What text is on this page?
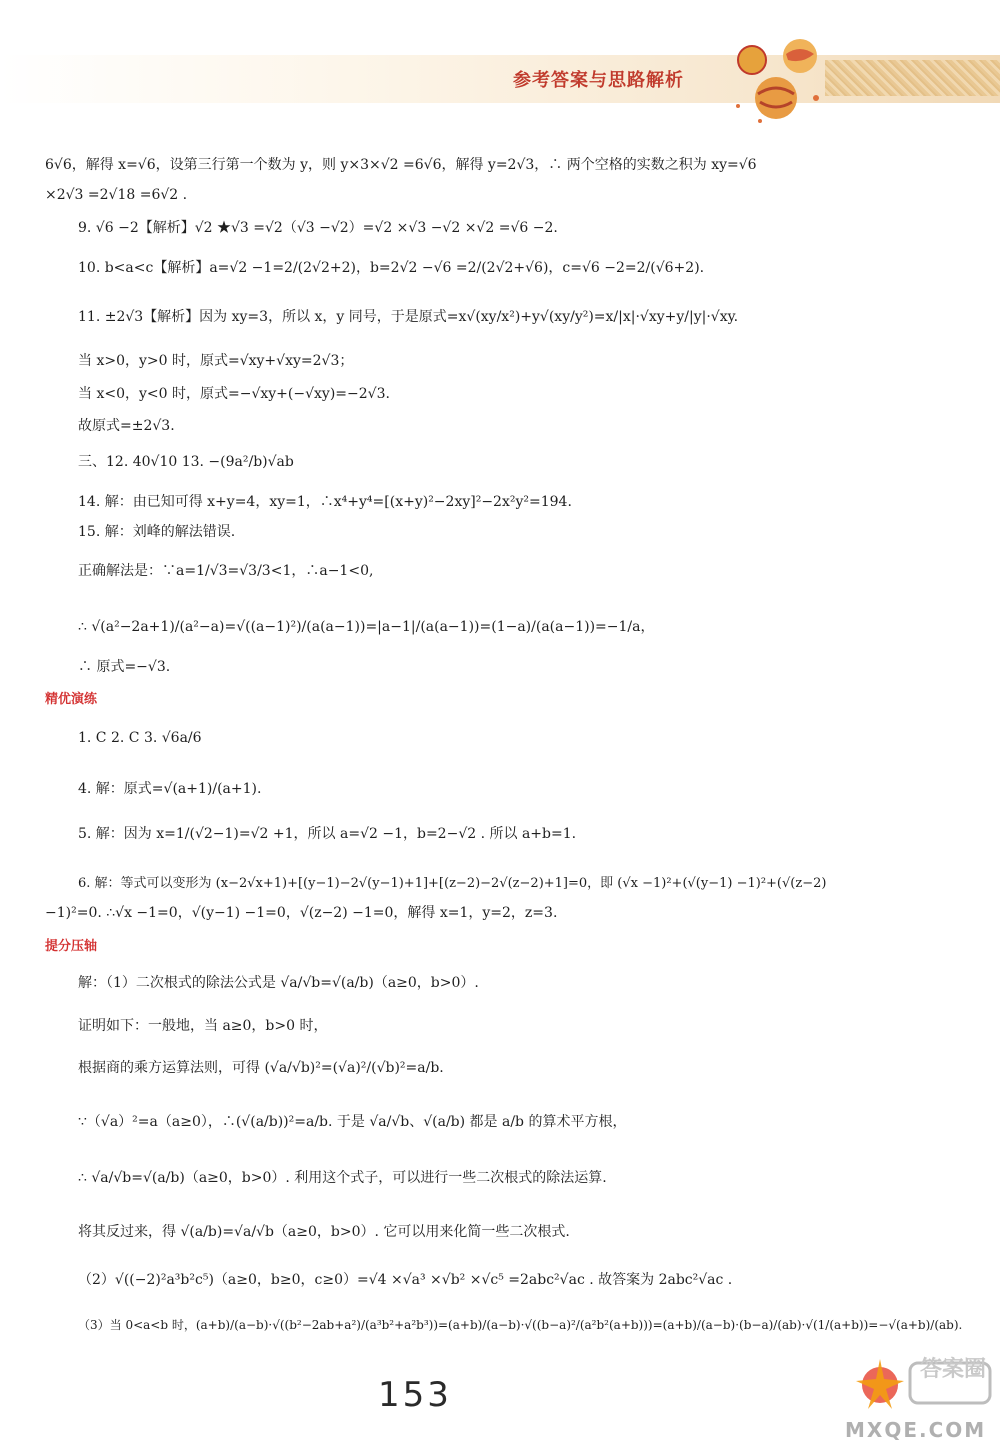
参考答案与思路解析
6√6，解得 x=√6，设第三行第一个数为 y，则 y×3×√2 =6√6，解得 y=2√3，∴ 两个空格的实数之积为 xy=√6
×2√3 =2√18 =6√2 .
9. √6 −2【解析】√2 ★√3 =√2（√3 −√2）=√2 ×√3 −√2 ×√2 =√6 −2.
10. b<a<c【解析】a=√2 −1=2/(2√2+2)，b=2√2 −√6 =2/(2√2+√6)，c=√6 −2=2/(√6+2).
11. ±2√3【解析】因为 xy=3，所以 x，y 同号，于是原式=x√(xy/x²)+y√(xy/y²)=x/|x|·√xy+y/|y|·√xy.
当 x>0，y>0 时，原式=√xy+√xy=2√3；
当 x<0，y<0 时，原式=−√xy+(−√xy)=−2√3.
故原式=±2√3.
三、12. 40√10 13. −(9a²/b)√ab
14. 解：由已知可得 x+y=4，xy=1，∴x⁴+y⁴=[(x+y)²−2xy]²−2x²y²=194.
15. 解：刘峰的解法错误.
正确解法是：∵a=1/√3=√3/3<1，∴a−1<0,
∴ √(a²−2a+1)/(a²−a)=√((a−1)²)/(a(a−1))=|a−1|/(a(a−1))=(1−a)/(a(a−1))=−1/a，
∴ 原式=−√3.
精优演练
1. C 2. C 3. √6a/6
4. 解：原式=√(a+1)/(a+1).
5. 解：因为 x=1/(√2−1)=√2 +1，所以 a=√2 −1，b=2−√2 . 所以 a+b=1.
6. 解：等式可以变形为 (x−2√x+1)+[(y−1)−2√(y−1)+1]+[(z−2)−2√(z−2)+1]=0，即 (√x −1)²+(√(y−1) −1)²+(√(z−2)
−1)²=0. ∴√x −1=0，√(y−1) −1=0，√(z−2) −1=0，解得 x=1，y=2，z=3.
提分压轴
解：（1）二次根式的除法公式是 √a/√b=√(a/b)（a≥0，b>0）.
证明如下：一般地，当 a≥0，b>0 时，
根据商的乘方运算法则，可得 (√a/√b)²=(√a)²/(√b)²=a/b.
∵（√a）²=a（a≥0），∴(√(a/b))²=a/b. 于是 √a/√b、√(a/b) 都是 a/b 的算术平方根，
∴ √a/√b=√(a/b)（a≥0，b>0）. 利用这个式子，可以进行一些二次根式的除法运算.
将其反过来，得 √(a/b)=√a/√b（a≥0，b>0）. 它可以用来化简一些二次根式.
（2）√((−2)²a³b²c⁵)（a≥0，b≥0，c≥0）=√4 ×√a³ ×√b² ×√c⁵ =2abc²√ac . 故答案为 2abc²√ac .
（3）当 0<a<b 时，(a+b)/(a−b)·√((b²−2ab+a²)/(a³b²+a²b³))=(a+b)/(a−b)·√((b−a)²/(a²b²(a+b)))=(a+b)/(a−b)·(b−a)/(ab)·√(1/(a+b))=−√(a+b)/(ab).
153
MXQE.COM
答案圈
